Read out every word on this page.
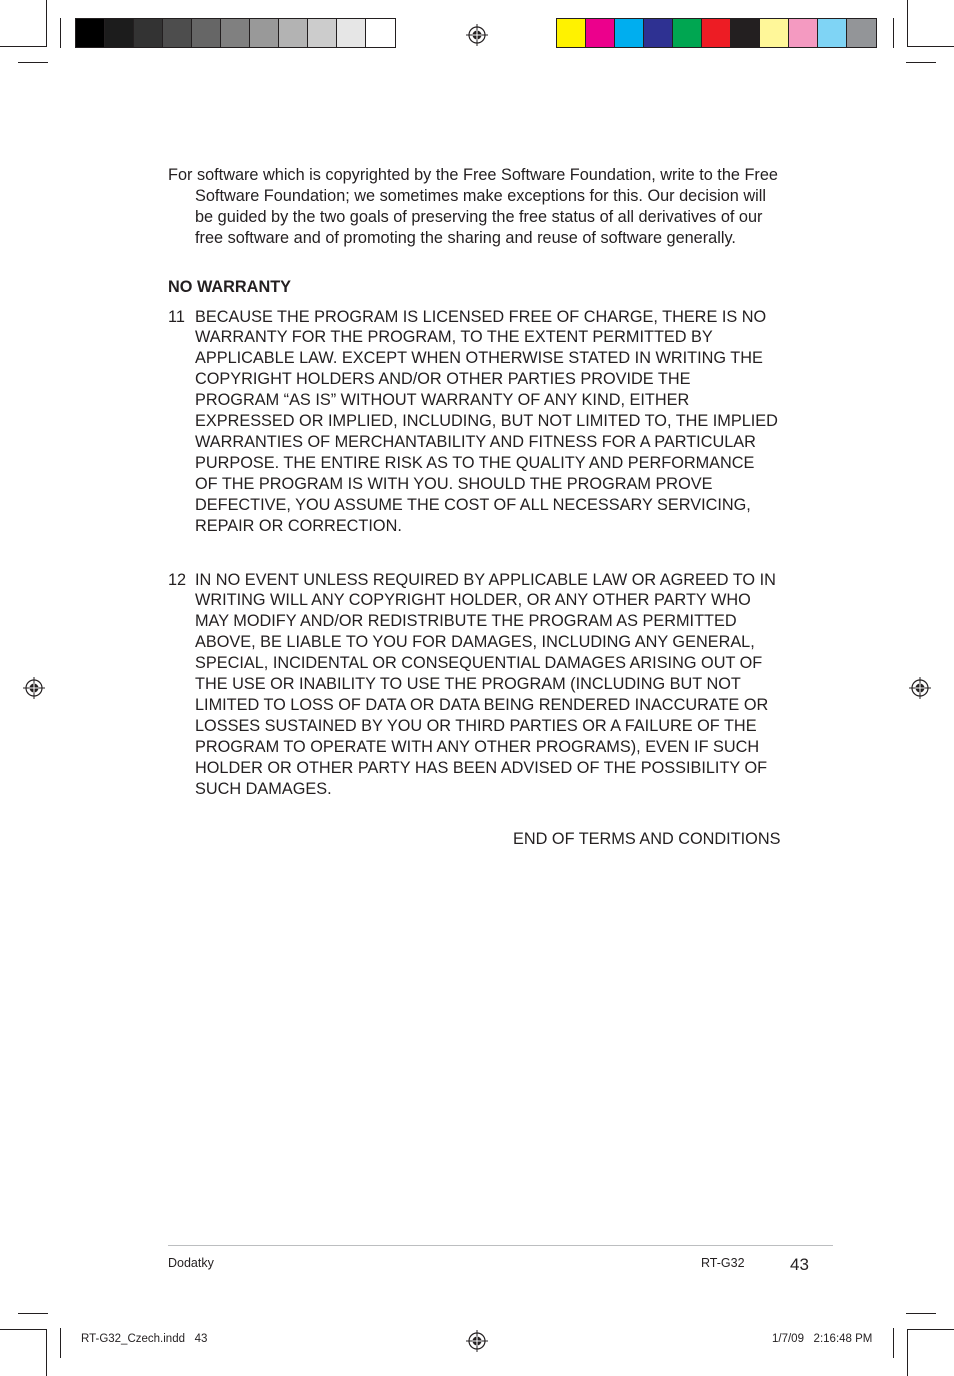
For software which is copyrighted by the Free Software Foundation, write to the Free Software Foundation; we sometimes make exceptions for this. Our decision will be guided by the two goals of preserving the free status of all derivatives of our free software and of promoting the sharing and reuse of software generally.
NO WARRANTY
11 BECAUSE THE PROGRAM IS LICENSED FREE OF CHARGE, THERE IS NO WARRANTY FOR THE PROGRAM, TO THE EXTENT PERMITTED BY APPLICABLE LAW. EXCEPT WHEN OTHERWISE STATED IN WRITING THE COPYRIGHT HOLDERS AND/OR OTHER PARTIES PROVIDE THE PROGRAM “AS IS” WITHOUT WARRANTY OF ANY KIND, EITHER EXPRESSED OR IMPLIED, INCLUDING, BUT NOT LIMITED TO, THE IMPLIED WARRANTIES OF MERCHANTABILITY AND FITNESS FOR A PARTICULAR PURPOSE. THE ENTIRE RISK AS TO THE QUALITY AND PERFORMANCE OF THE PROGRAM IS WITH YOU. SHOULD THE PROGRAM PROVE DEFECTIVE, YOU ASSUME THE COST OF ALL NECESSARY SERVICING, REPAIR OR CORRECTION.
12 IN NO EVENT UNLESS REQUIRED BY APPLICABLE LAW OR AGREED TO IN WRITING WILL ANY COPYRIGHT HOLDER, OR ANY OTHER PARTY WHO MAY MODIFY AND/OR REDISTRIBUTE THE PROGRAM AS PERMITTED ABOVE, BE LIABLE TO YOU FOR DAMAGES, INCLUDING ANY GENERAL, SPECIAL, INCIDENTAL OR CONSEQUENTIAL DAMAGES ARISING OUT OF THE USE OR INABILITY TO USE THE PROGRAM (INCLUDING BUT NOT LIMITED TO LOSS OF DATA OR DATA BEING RENDERED INACCURATE OR LOSSES SUSTAINED BY YOU OR THIRD PARTIES OR A FAILURE OF THE PROGRAM TO OPERATE WITH ANY OTHER PROGRAMS), EVEN IF SUCH HOLDER OR OTHER PARTY HAS BEEN ADVISED OF THE POSSIBILITY OF SUCH DAMAGES.
END OF TERMS AND CONDITIONS
Dodatky	RT-G32	43
RT-G32_Czech.indd   43	1/7/09   2:16:48 PM
